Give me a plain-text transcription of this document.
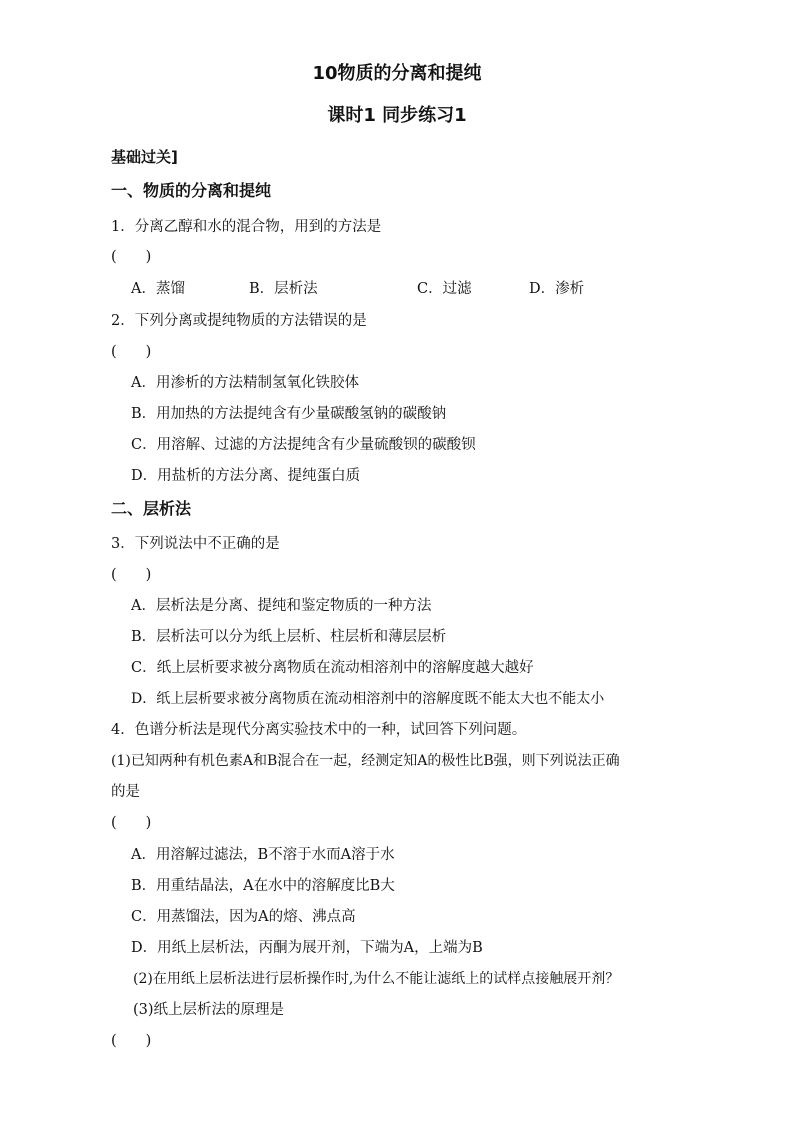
10物质的分离和提纯
课时1 同步练习1
基础过关]
一、物质的分离和提纯
1．分离乙醇和水的混合物，用到的方法是
(　　)
A．蒸馏	B．层析法	C．过滤	D．渗析
2．下列分离或提纯物质的方法错误的是
(　　)
A．用渗析的方法精制氢氧化铁胶体
B．用加热的方法提纯含有少量碳酸氢钠的碳酸钠
C．用溶解、过滤的方法提纯含有少量硫酸钡的碳酸钡
D．用盐析的方法分离、提纯蛋白质
二、层析法
3．下列说法中不正确的是
(　　)
A．层析法是分离、提纯和鉴定物质的一种方法
B．层析法可以分为纸上层析、柱层析和薄层层析
C．纸上层析要求被分离物质在流动相溶剂中的溶解度越大越好
D．纸上层析要求被分离物质在流动相溶剂中的溶解度既不能太大也不能太小
4．色谱分析法是现代分离实验技术中的一种，试回答下列问题。
(1)已知两种有机色素A和B混合在一起，经测定知A的极性比B强，则下列说法正确
的是
(　　)
A．用溶解过滤法，B不溶于水而A溶于水
B．用重结晶法，A在水中的溶解度比B大
C．用蒸馏法，因为A的熔、沸点高
D．用纸上层析法，丙酮为展开剂，下端为A，上端为B
(2)在用纸上层析法进行层析操作时,为什么不能让滤纸上的试样点接触展开剂？
(3)纸上层析法的原理是
(　　)
